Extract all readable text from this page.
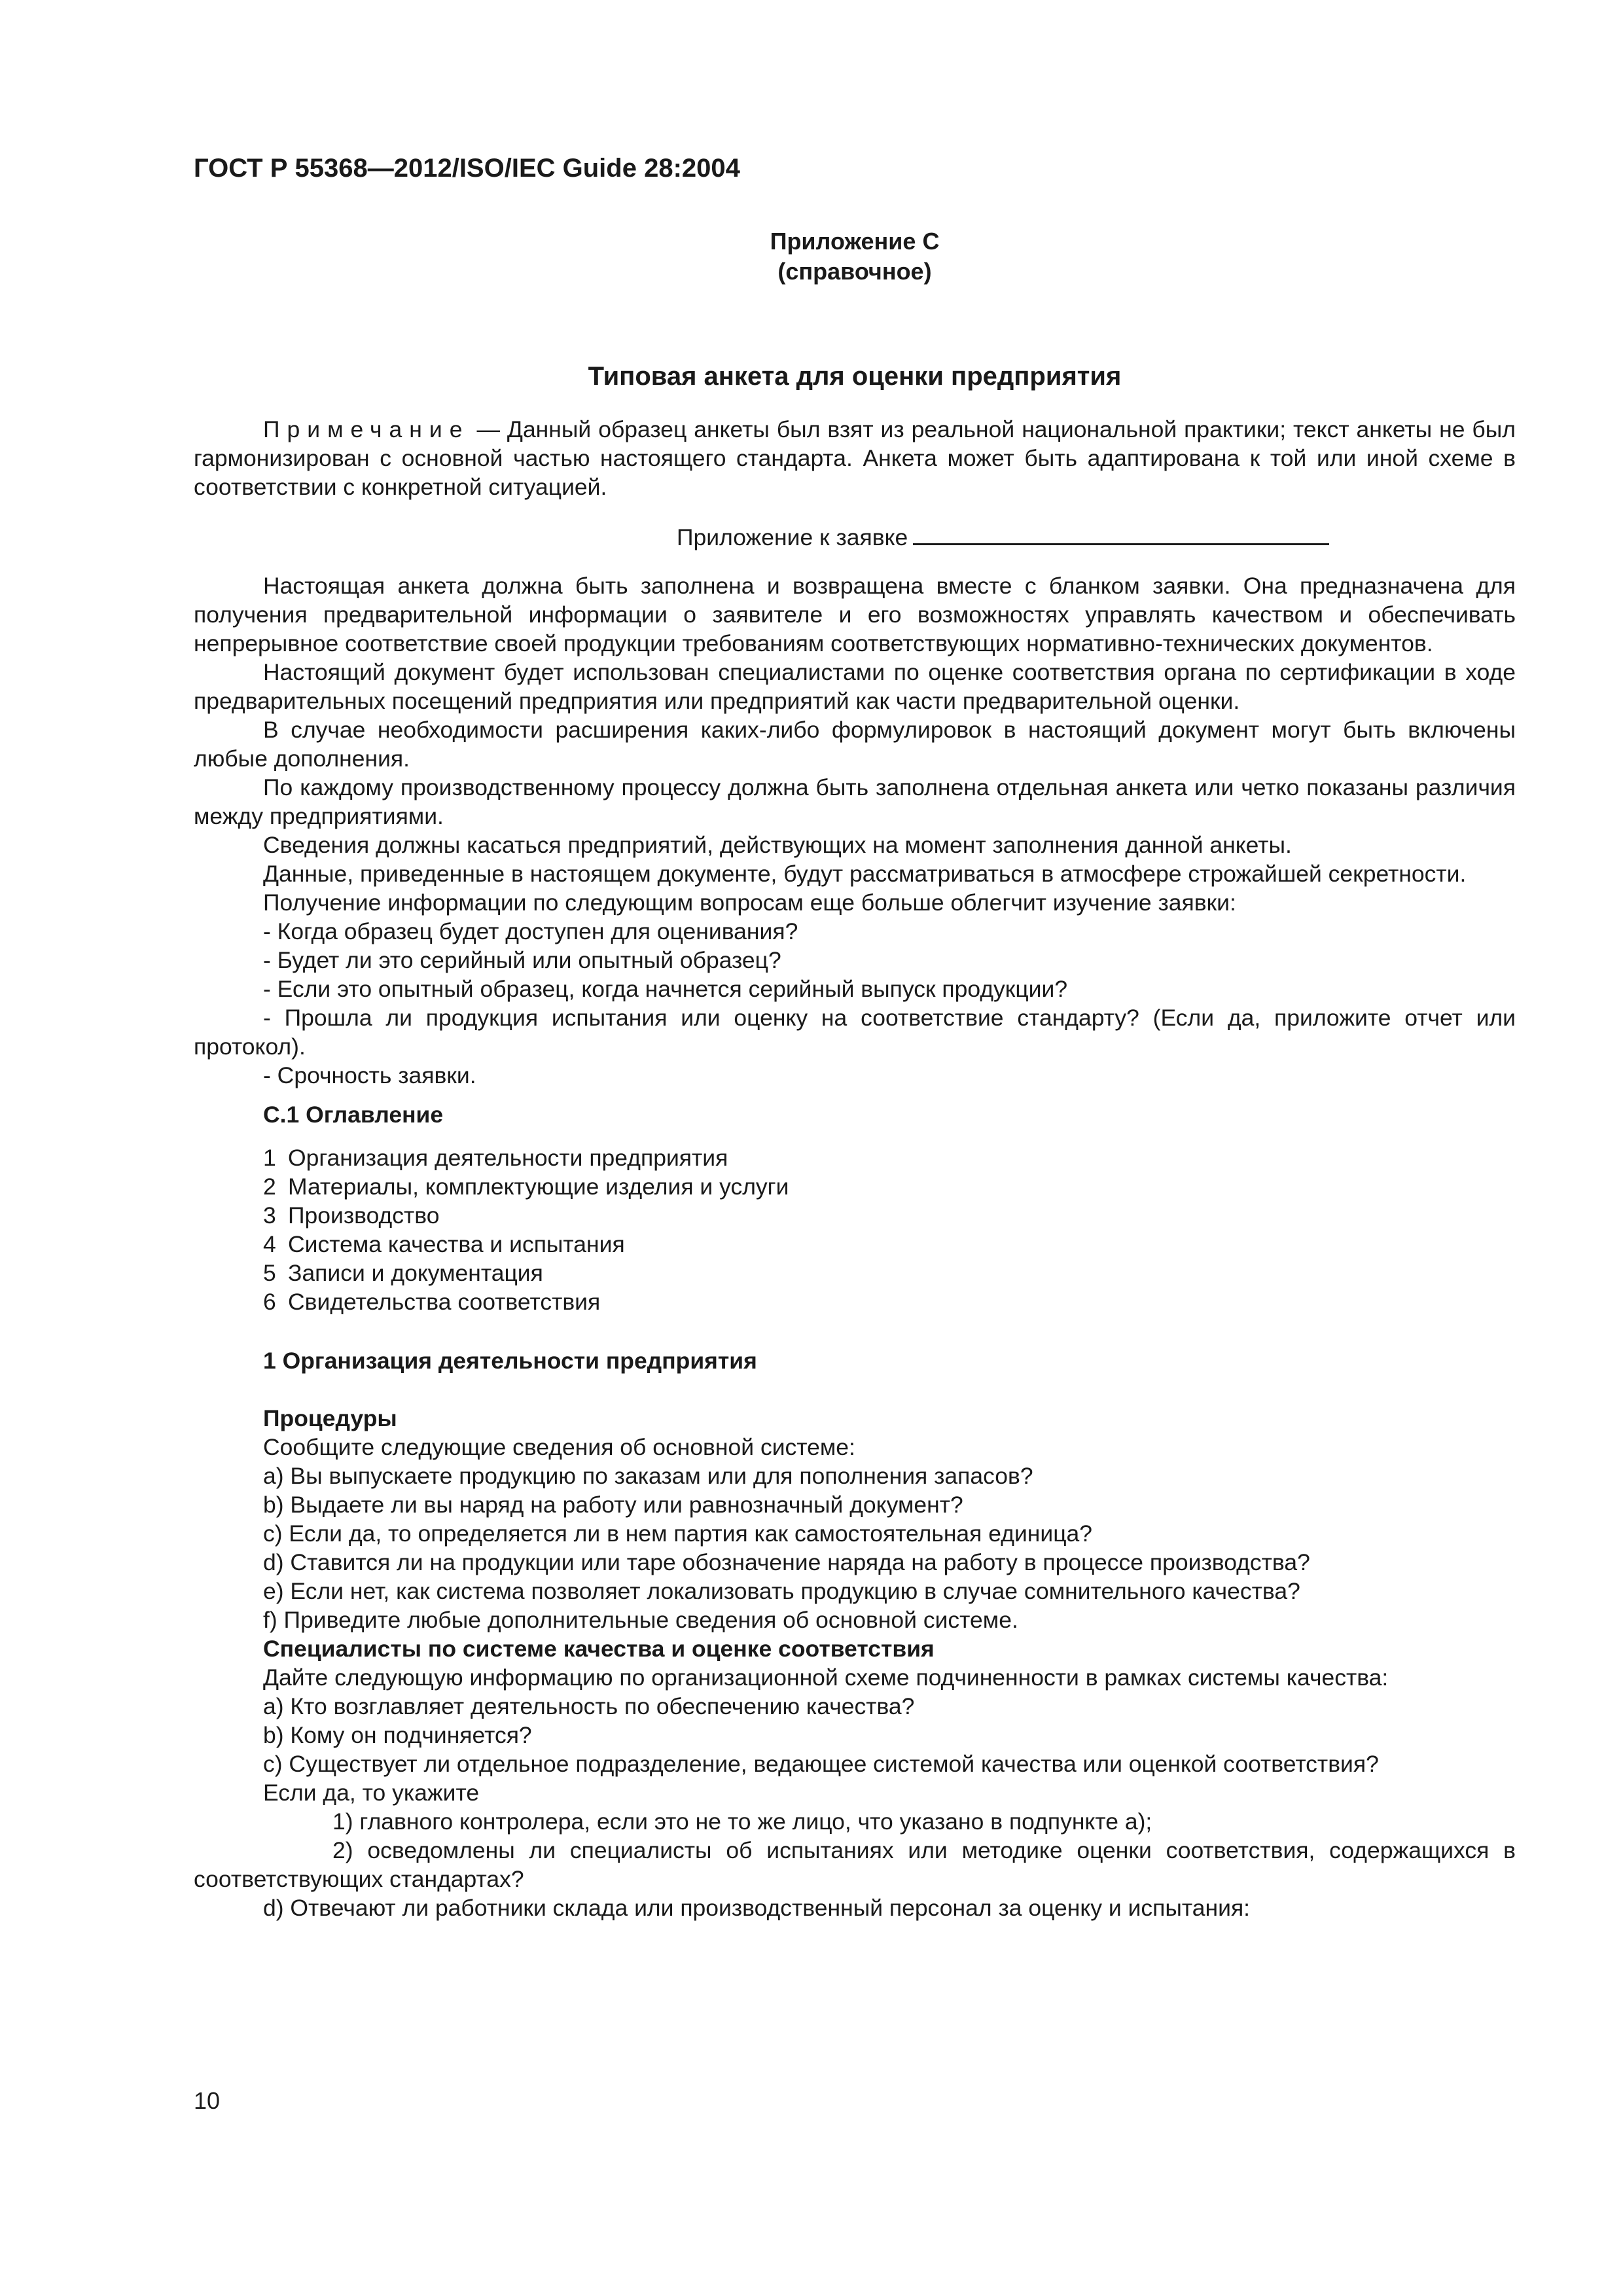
ГОСТ Р 55368—2012/ISO/IEC Guide 28:2004
Приложение С
(справочное)
Типовая анкета для оценки предприятия

Примечание — Данный образец анкеты был взят из реальной национальной практики; текст анкеты не был гармонизирован с основной частью настоящего стандарта. Анкета может быть адаптирована к той или иной схеме в соответствии с конкретной ситуацией.

Приложение к заявке

Настоящая анкета должна быть заполнена и возвращена вместе с бланком заявки. Она предназначена для получения предварительной информации о заявителе и его возможностях управлять качеством и обеспечивать непрерывное соответствие своей продукции требованиям соответствующих нормативно-технических документов.

Настоящий документ будет использован специалистами по оценке соответствия органа по сертификации в ходе предварительных посещений предприятия или предприятий как части предварительной оценки.

В случае необходимости расширения каких-либо формулировок в настоящий документ могут быть включены любые дополнения.

По каждому производственному процессу должна быть заполнена отдельная анкета или четко показаны различия между предприятиями.

Сведения должны касаться предприятий, действующих на момент заполнения данной анкеты.

Данные, приведенные в настоящем документе, будут рассматриваться в атмосфере строжайшей секретности.

Получение информации по следующим вопросам еще больше облегчит изучение заявки:

- Когда образец будет доступен для оценивания?

- Будет ли это серийный или опытный образец?

- Если это опытный образец, когда начнется серийный выпуск продукции?

- Прошла ли продукция испытания или оценку на соответствие стандарту? (Если да, приложите отчет или протокол).

- Срочность заявки.

С.1 Оглавление
1 Организация деятельности предприятия
2 Материалы, комплектующие изделия и услуги
3 Производство
4 Система качества и испытания
5 Записи и документация
6 Свидетельства соответствия
1 Организация деятельности предприятия
Процедуры

Сообщите следующие сведения об основной системе:

a) Вы выпускаете продукцию по заказам или для пополнения запасов?

b) Выдаете ли вы наряд на работу или равнозначный документ?

c) Если да, то определяется ли в нем партия как самостоятельная единица?

d) Ставится ли на продукции или таре обозначение наряда на работу в процессе производства?

e) Если нет, как система позволяет локализовать продукцию в случае сомнительного качества?

f) Приведите любые дополнительные сведения об основной системе.

Специалисты по системе качества и оценке соответствия

Дайте следующую информацию по организационной схеме подчиненности в рамках системы качества:

a) Кто возглавляет деятельность по обеспечению качества?

b) Кому он подчиняется?

c) Существует ли отдельное подразделение, ведающее системой качества или оценкой соответствия?

Если да, то укажите

1) главного контролера, если это не то же лицо, что указано в подпункте а);

2) осведомлены ли специалисты об испытаниях или методике оценки соответствия, содержащихся в соответствующих стандартах?

d) Отвечают ли работники склада или производственный персонал за оценку и испытания:

10
